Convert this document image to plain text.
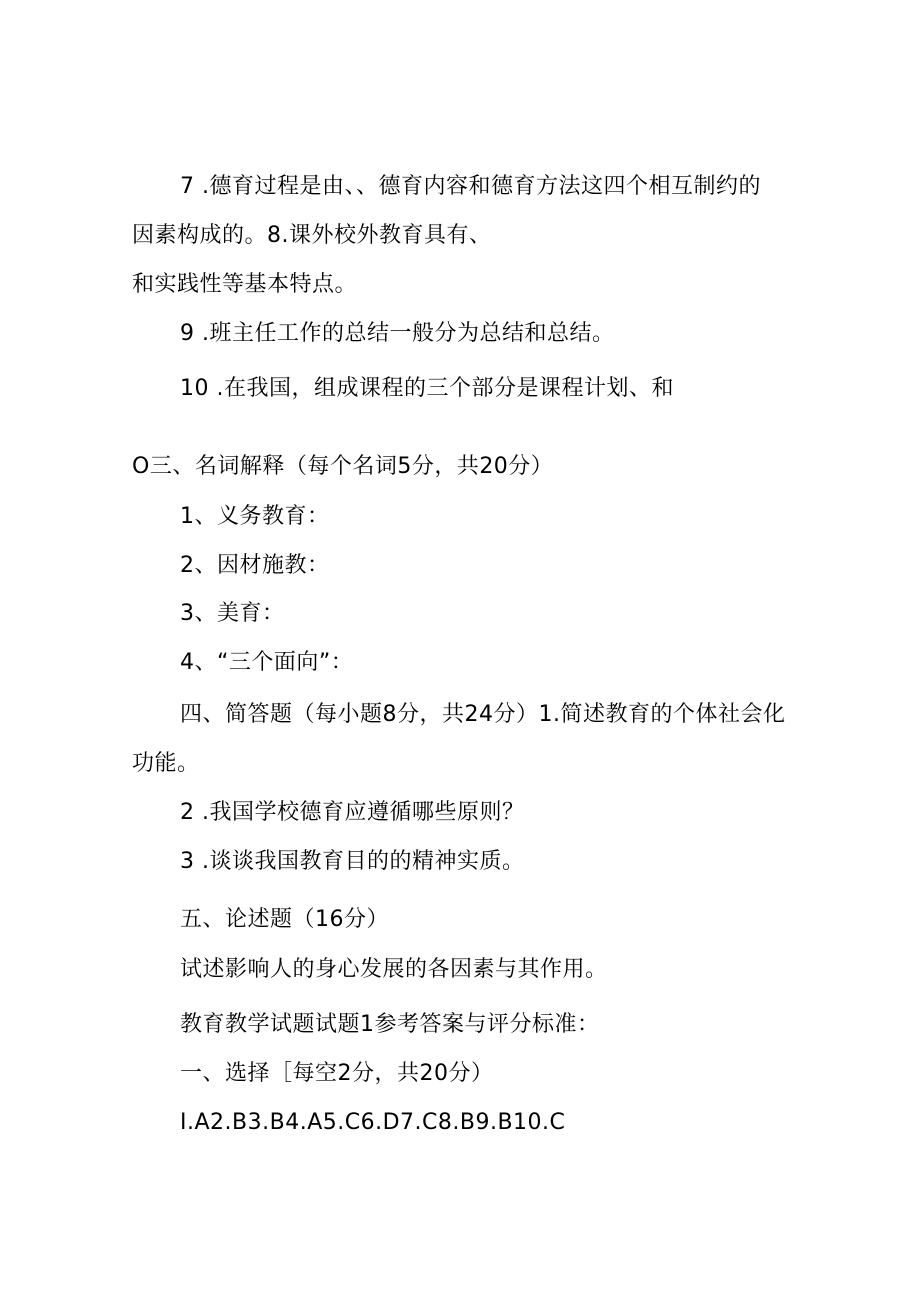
7 .德育过程是由、、德育内容和德育方法这四个相互制约的
因素构成的。8.课外校外教育具有、
和实践性等基本特点。
9 .班主任工作的总结一般分为总结和总结。
10 .在我国，组成课程的三个部分是课程计划、和
O三、名词解释（每个名词5分，共20分）
1、义务教育：
2、因材施教：
3、美育：
4、“三个面向”：
四、简答题（每小题8分，共24分）1.简述教育的个体社会化
功能。
2 .我国学校德育应遵循哪些原则？
3 .谈谈我国教育目的的精神实质。
五、论述题（16分）
试述影响人的身心发展的各因素与其作用。
教育教学试题试题1参考答案与评分标准：
一、选择［每空2分，共20分）
I.A2.B3.B4.A5.C6.D7.C8.B9.B10.C
